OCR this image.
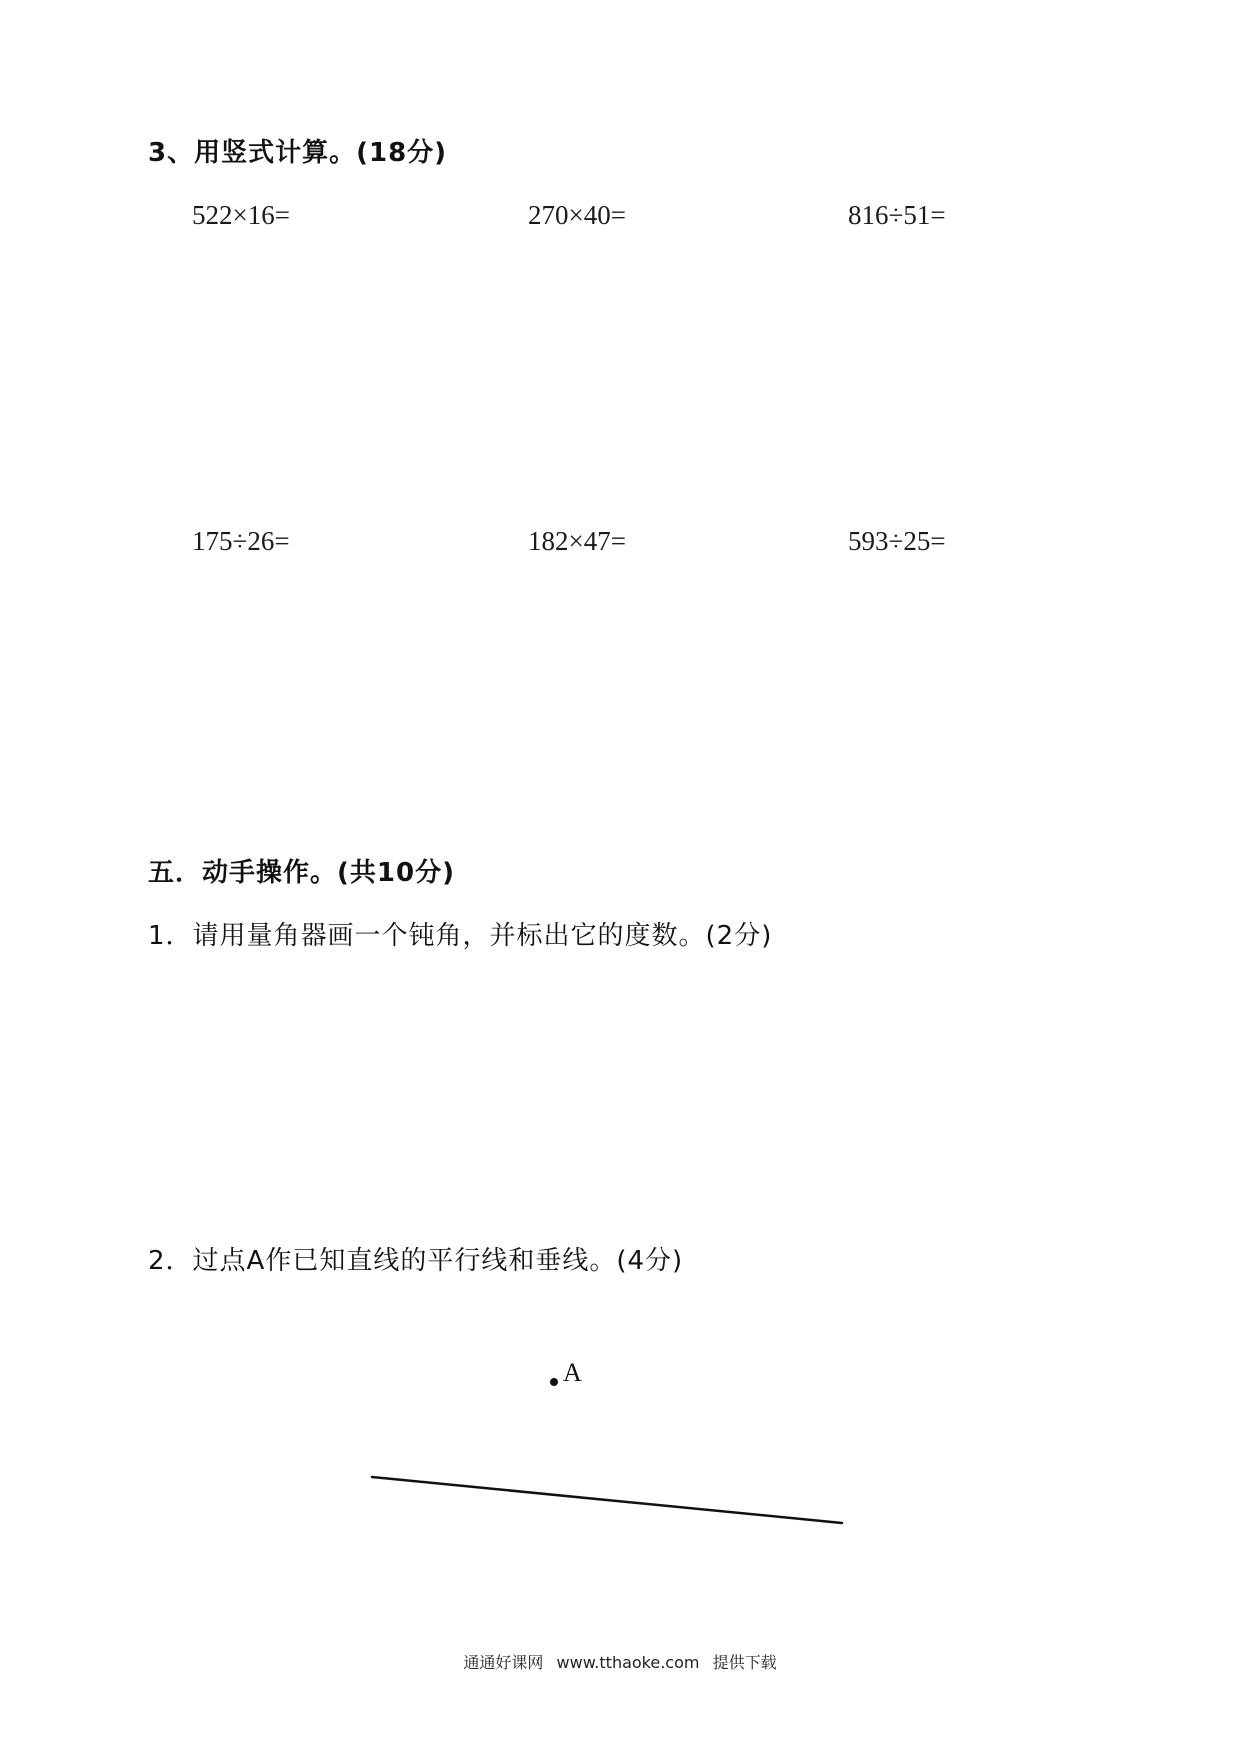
3、用竖式计算。(18分)
522×16=	270×40=	816÷51=
175÷26=	182×47=	593÷25=
五．动手操作。(共10分)
1．请用量角器画一个钝角，并标出它的度数。(2分)
2．过点A作已知直线的平行线和垂线。(4分)
A
通通好课网 www.tthaoke.com 提供下载
